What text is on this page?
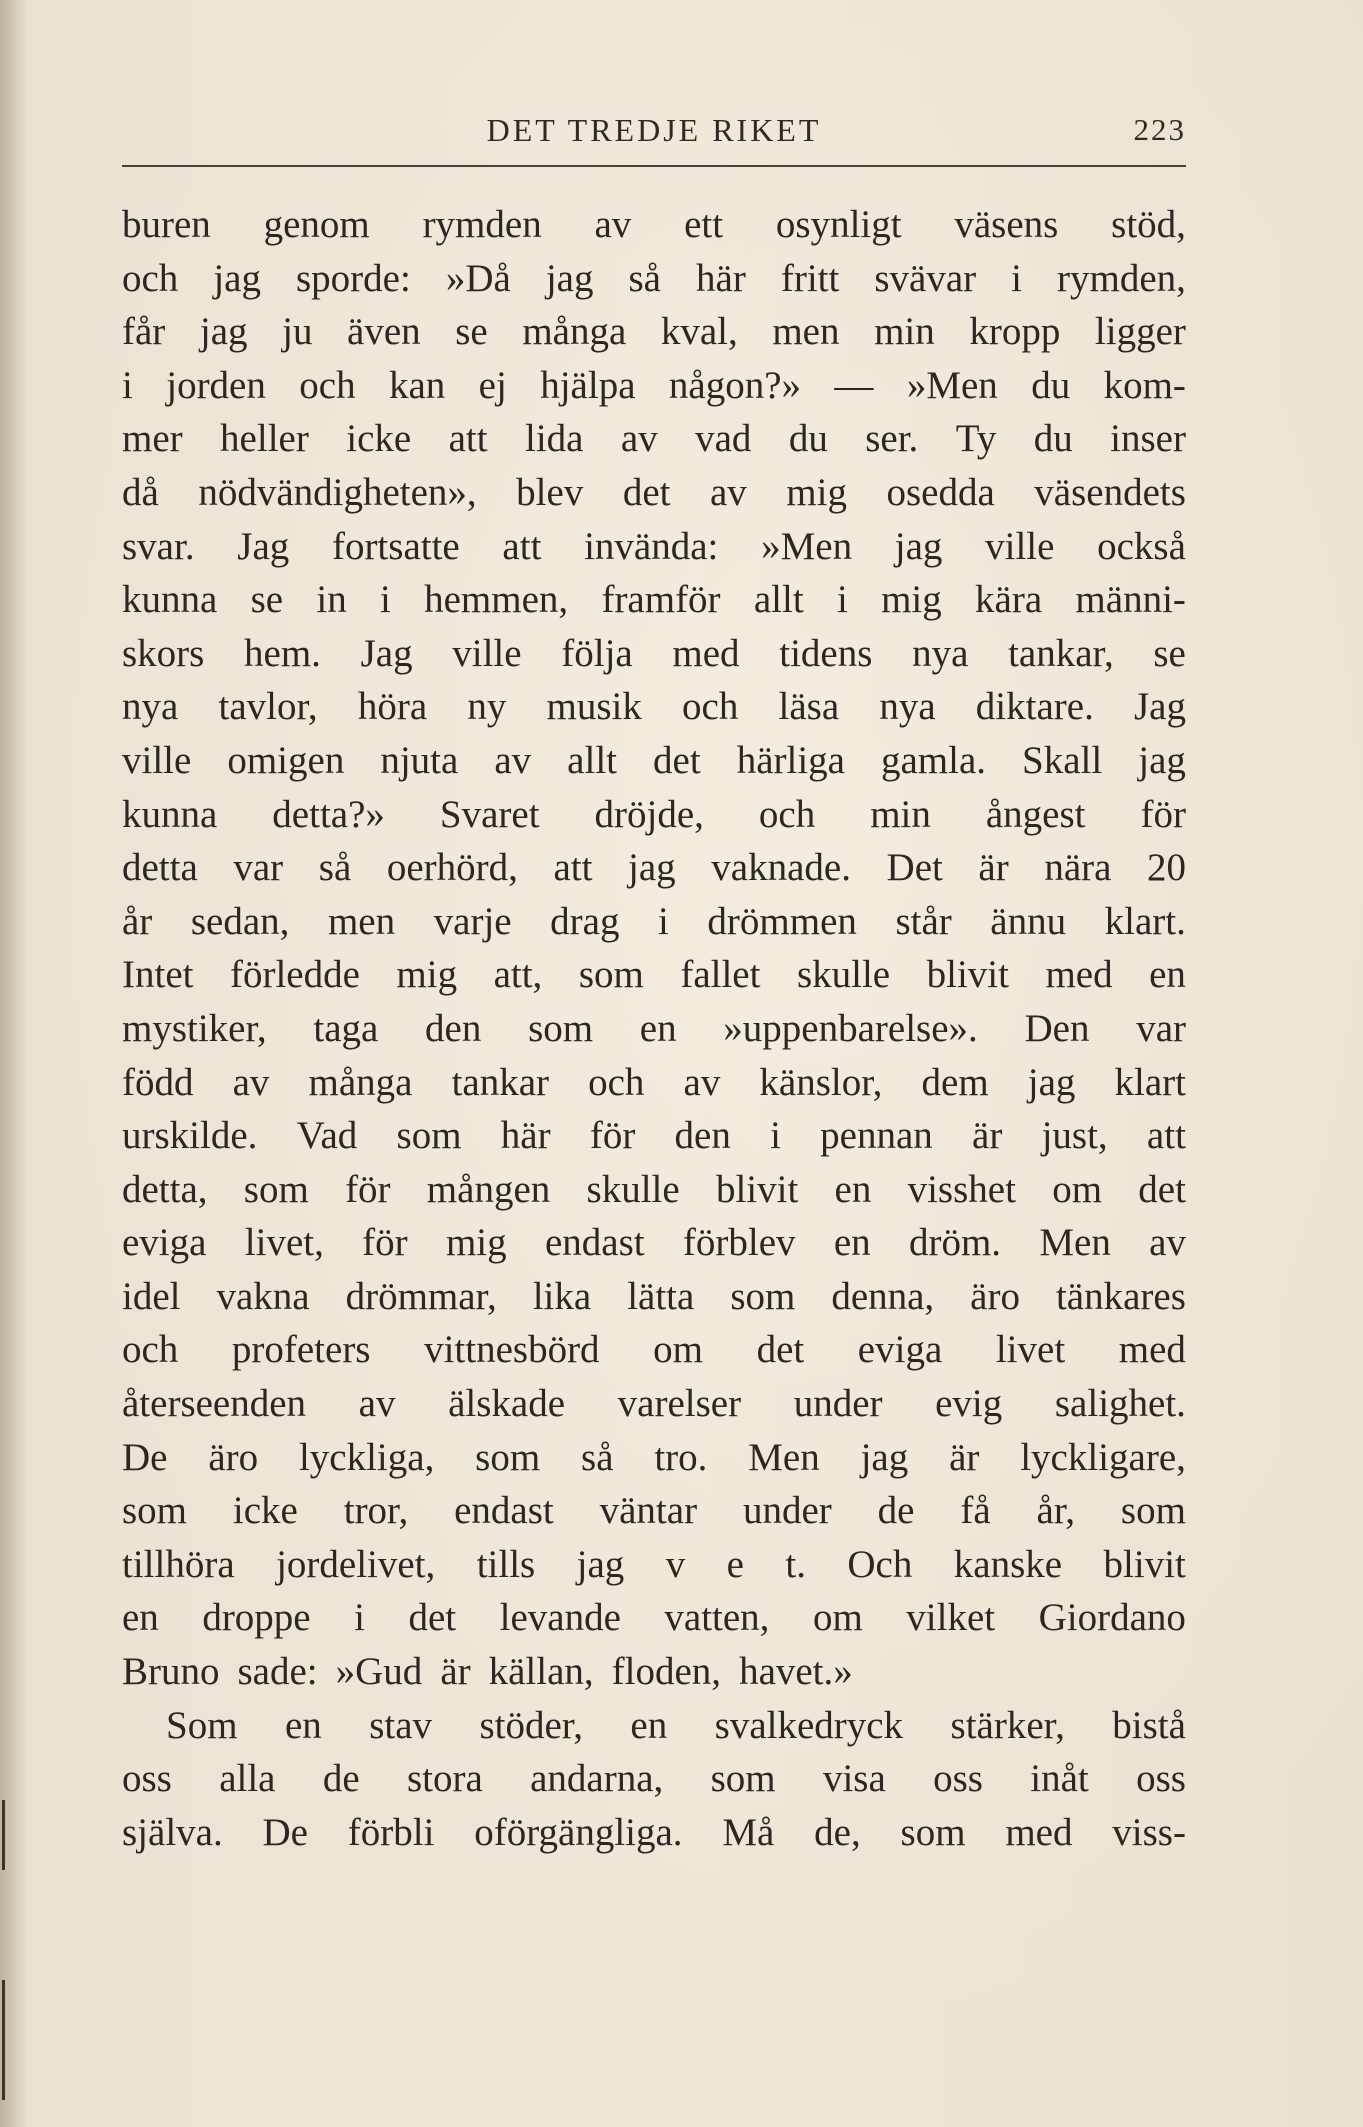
DET TREDJE RIKET	223
buren genom rymden av ett osynligt väsens stöd,
och jag sporde: »Då jag så här fritt svävar i rymden,
får jag ju även se många kval, men min kropp ligger
i jorden och kan ej hjälpa någon?» — »Men du kom-
mer heller icke att lida av vad du ser. Ty du inser
då nödvändigheten», blev det av mig osedda väsendets
svar. Jag fortsatte att invända: »Men jag ville också
kunna se in i hemmen, framför allt i mig kära männi-
skors hem. Jag ville följa med tidens nya tankar, se
nya tavlor, höra ny musik och läsa nya diktare. Jag
ville omigen njuta av allt det härliga gamla. Skall jag
kunna detta?» Svaret dröjde, och min ångest för
detta var så oerhörd, att jag vaknade. Det är nära 20
år sedan, men varje drag i drömmen står ännu klart.
Intet förledde mig att, som fallet skulle blivit med en
mystiker, taga den som en »uppenbarelse». Den var
född av många tankar och av känslor, dem jag klart
urskilde. Vad som här för den i pennan är just, att
detta, som för mången skulle blivit en visshet om det
eviga livet, för mig endast förblev en dröm. Men av
idel vakna drömmar, lika lätta som denna, äro tänkares
och profeters vittnesbörd om det eviga livet med
återseenden av älskade varelser under evig salighet.
De äro lyckliga, som så tro. Men jag är lyckligare,
som icke tror, endast väntar under de få år, som
tillhöra jordelivet, tills jag v e t. Och kanske blivit
en droppe i det levande vatten, om vilket Giordano
Bruno sade: »Gud är källan, floden, havet.»
Som en stav stöder, en svalkedryck stärker, bistå
oss alla de stora andarna, som visa oss inåt oss
själva. De förbli oförgängliga. Må de, som med viss-
